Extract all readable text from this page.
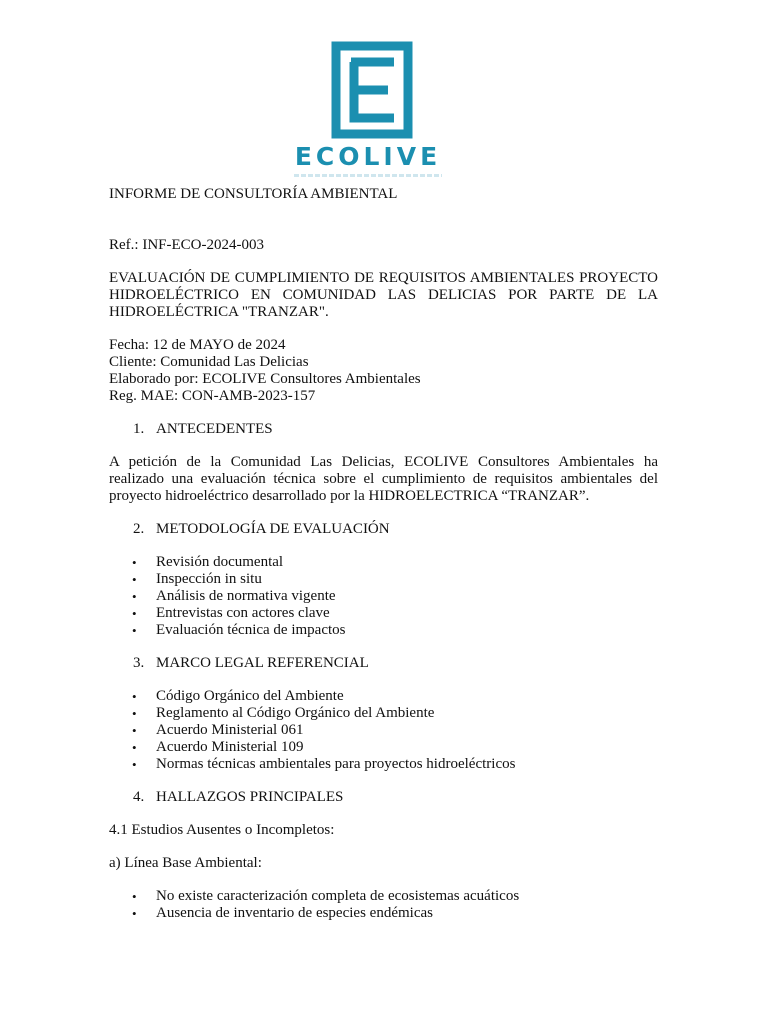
ECOLIVE

INFORME DE CONSULTORÍA AMBIENTAL

Ref.: INF-ECO-2024-003

EVALUACIÓN DE CUMPLIMIENTO DE REQUISITOS AMBIENTALES PROYECTO HIDROELÉCTRICO EN COMUNIDAD LAS DELICIAS POR PARTE DE LA HIDROELÉCTRICA "TRANZAR".

Fecha: 12 de MAYO de 2024

Cliente: Comunidad Las Delicias

Elaborado por: ECOLIVE Consultores Ambientales

Reg. MAE: CON-AMB-2023-157

1. ANTECEDENTES

A petición de la Comunidad Las Delicias, ECOLIVE Consultores Ambientales ha realizado una evaluación técnica sobre el cumplimiento de requisitos ambientales del proyecto hidroeléctrico desarrollado por la HIDROELECTRICA “TRANZAR”.

2. METODOLOGÍA DE EVALUACIÓN

• Revisión documental
• Inspección in situ
• Análisis de normativa vigente
• Entrevistas con actores clave
• Evaluación técnica de impactos

3. MARCO LEGAL REFERENCIAL

• Código Orgánico del Ambiente
• Reglamento al Código Orgánico del Ambiente
• Acuerdo Ministerial 061
• Acuerdo Ministerial 109
• Normas técnicas ambientales para proyectos hidroeléctricos

4. HALLAZGOS PRINCIPALES

4.1 Estudios Ausentes o Incompletos:

a) Línea Base Ambiental:

• No existe caracterización completa de ecosistemas acuáticos
• Ausencia de inventario de especies endémicas
